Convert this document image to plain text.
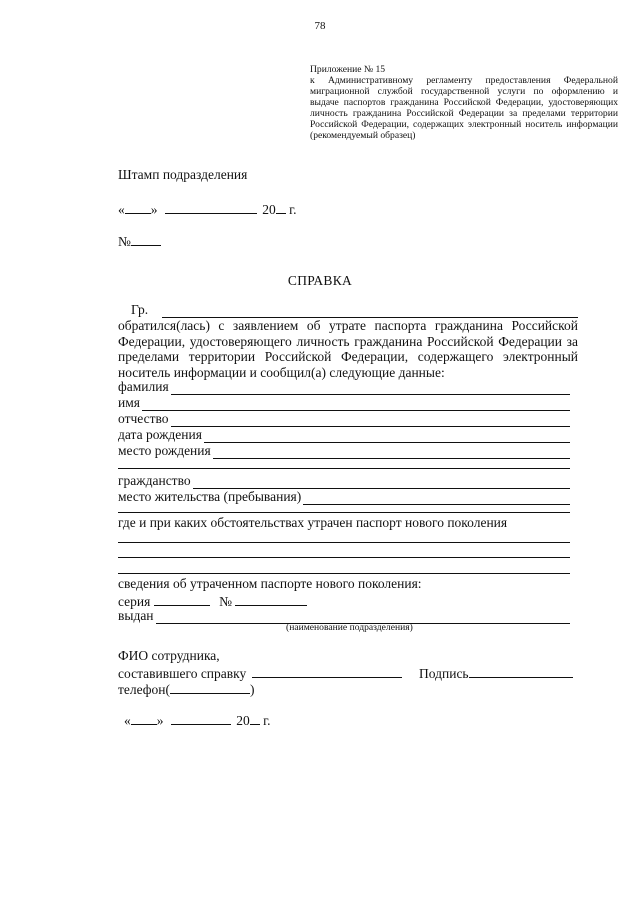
78
Приложение № 15
к Административному регламенту предоставления Федеральной
миграционной службой государственной услуги по оформлению и
выдаче паспортов гражданина Российской Федерации, удостоверяющих
личность гражданина Российской Федерации за пределами территории
Российской Федерации, содержащих электронный носитель информации
(рекомендуемый образец)
Штамп подразделения
« »	20 г.
№
СПРАВКА
Гр.
обратился(лась) с заявлением об утрате паспорта гражданина Российской
Федерации, удостоверяющего личность гражданина Российской Федерации за
пределами территории Российской Федерации, содержащего электронный
носитель информации и сообщил(а) следующие данные:
фамилия
имя
отчество
дата рождения
место рождения
гражданство
место жительства (пребывания)
где и при каких обстоятельствах утрачен паспорт нового поколения
сведения об утраченном паспорте нового поколения:
серия	№
выдан
(наименование подразделения)
ФИО сотрудника,
составившего справку	Подпись
телефон(	)
« »	20 г.
